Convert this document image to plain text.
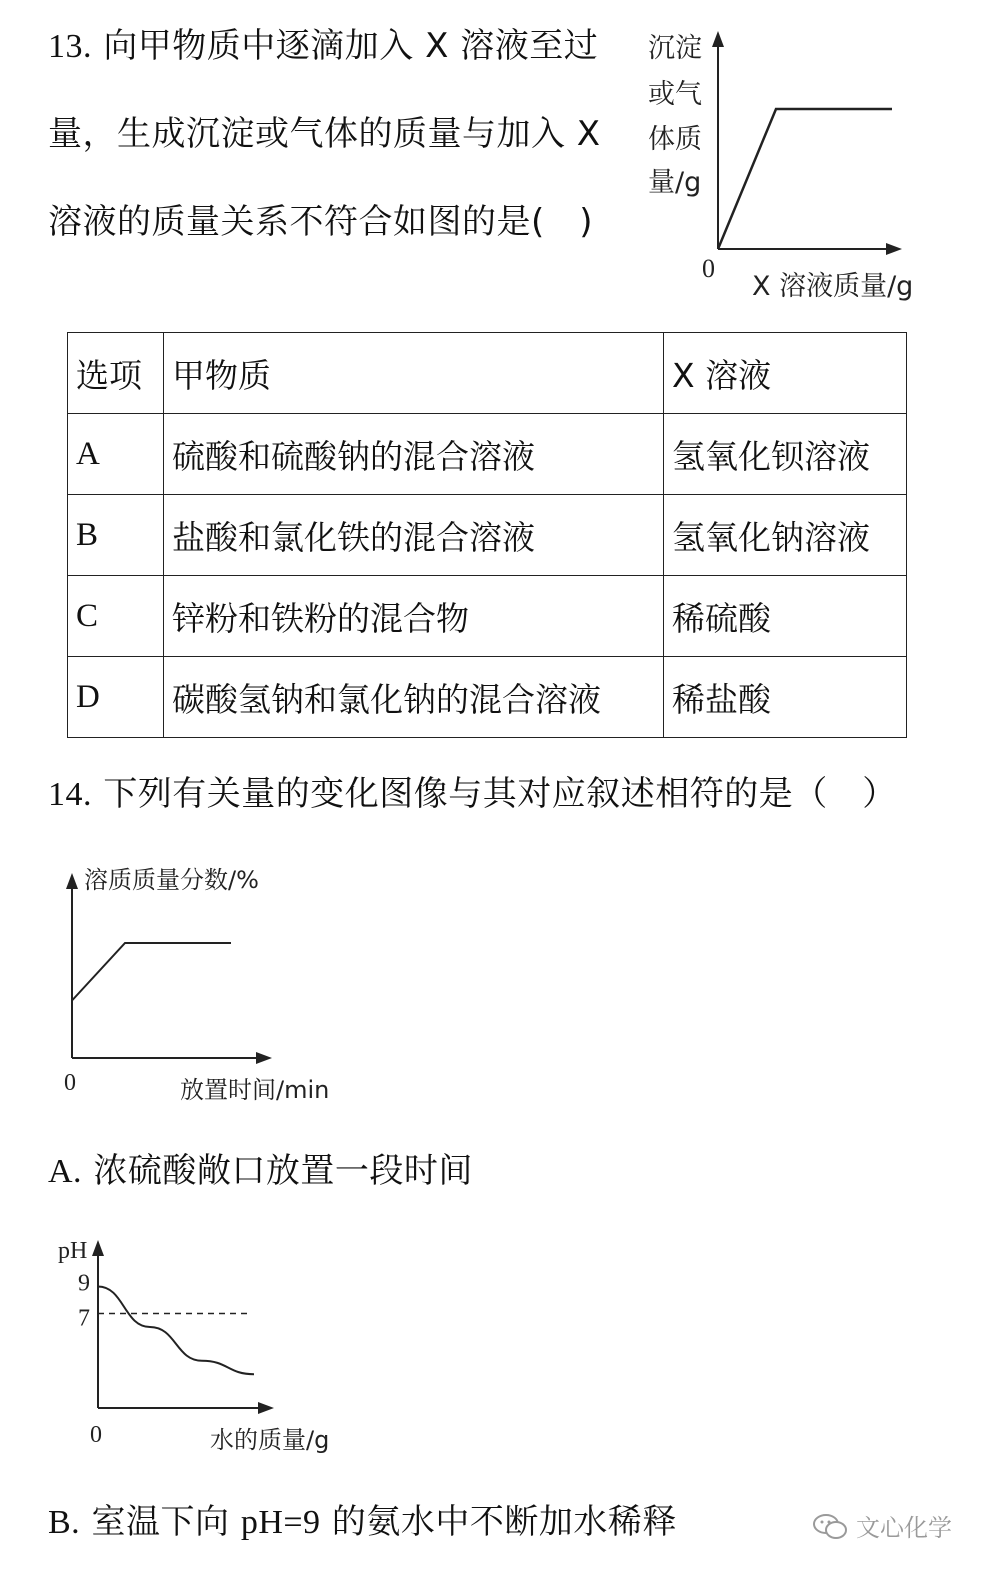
13. 向甲物质中逐滴加入 X 溶液至过
量，生成沉淀或气体的质量与加入 X
溶液的质量关系不符合如图的是(　)
沉淀
或气
体质
量/g
0
X 溶液质量/g
选项	甲物质	X 溶液
A	硫酸和硫酸钠的混合溶液	氢氧化钡溶液
B	盐酸和氯化铁的混合溶液	氢氧化钠溶液
C	锌粉和铁粉的混合物	稀硫酸
D	碳酸氢钠和氯化钠的混合溶液	稀盐酸
14. 下列有关量的变化图像与其对应叙述相符的是（　）
溶质质量分数/%
0	放置时间/min
A. 浓硫酸敞口放置一段时间
pH
9
7
0	水的质量/g
B. 室温下向 pH=9 的氨水中不断加水稀释	文心化学
